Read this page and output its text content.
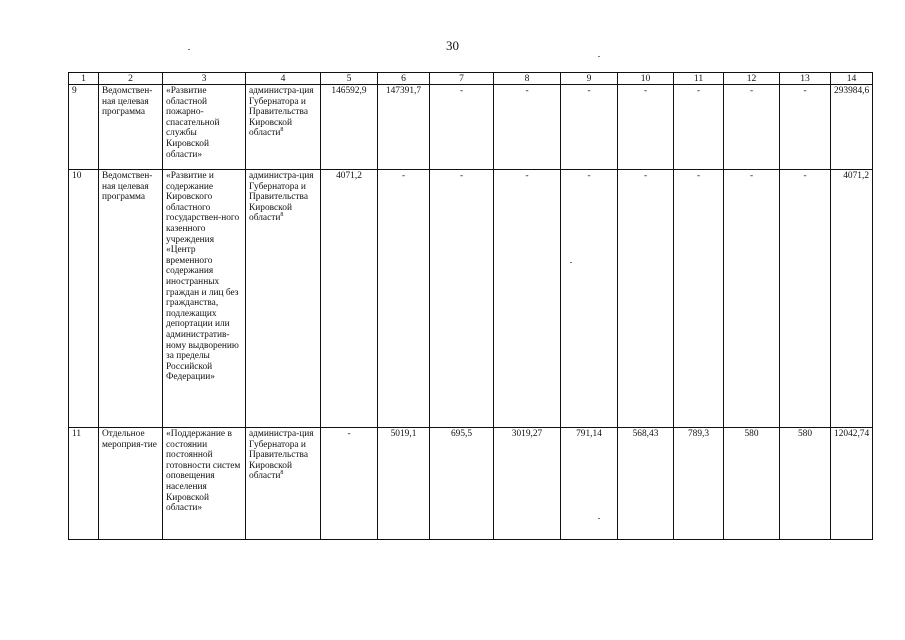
30
1	2	3	4	5	6	7	8	9	10	11	12	13	14
9	Ведомствен-ная целевая программа	«Развитие областной пожарно-спасательной службы Кировской области»	администра-ция Губернатора и Правительства Кировской области$^8$	146592,9	147391,7	-	-	-	-	-	-	-	293984,6
10	Ведомствен-ная целевая программа	«Развитие и содержание Кировского областного государствен-ного казенного учреждения «Центр временного содержания иностранных граждан и лиц без гражданства, подлежащих депортации или административ-ному выдворению за пределы Российской Федерации»	администра-ция Губернатора и Правительства Кировской области$^8$	4071,2	-	-	-	-	-	-	-	-	4071,2
11	Отдельное мероприя-тие	«Поддержание в состоянии постоянной готовности систем оповещения населения Кировской области»	администра-ция Губернатора и Правительства Кировской области$^8$	-	5019,1	695,5	3019,27	791,14	568,43	789,3	580	580	12042,74
